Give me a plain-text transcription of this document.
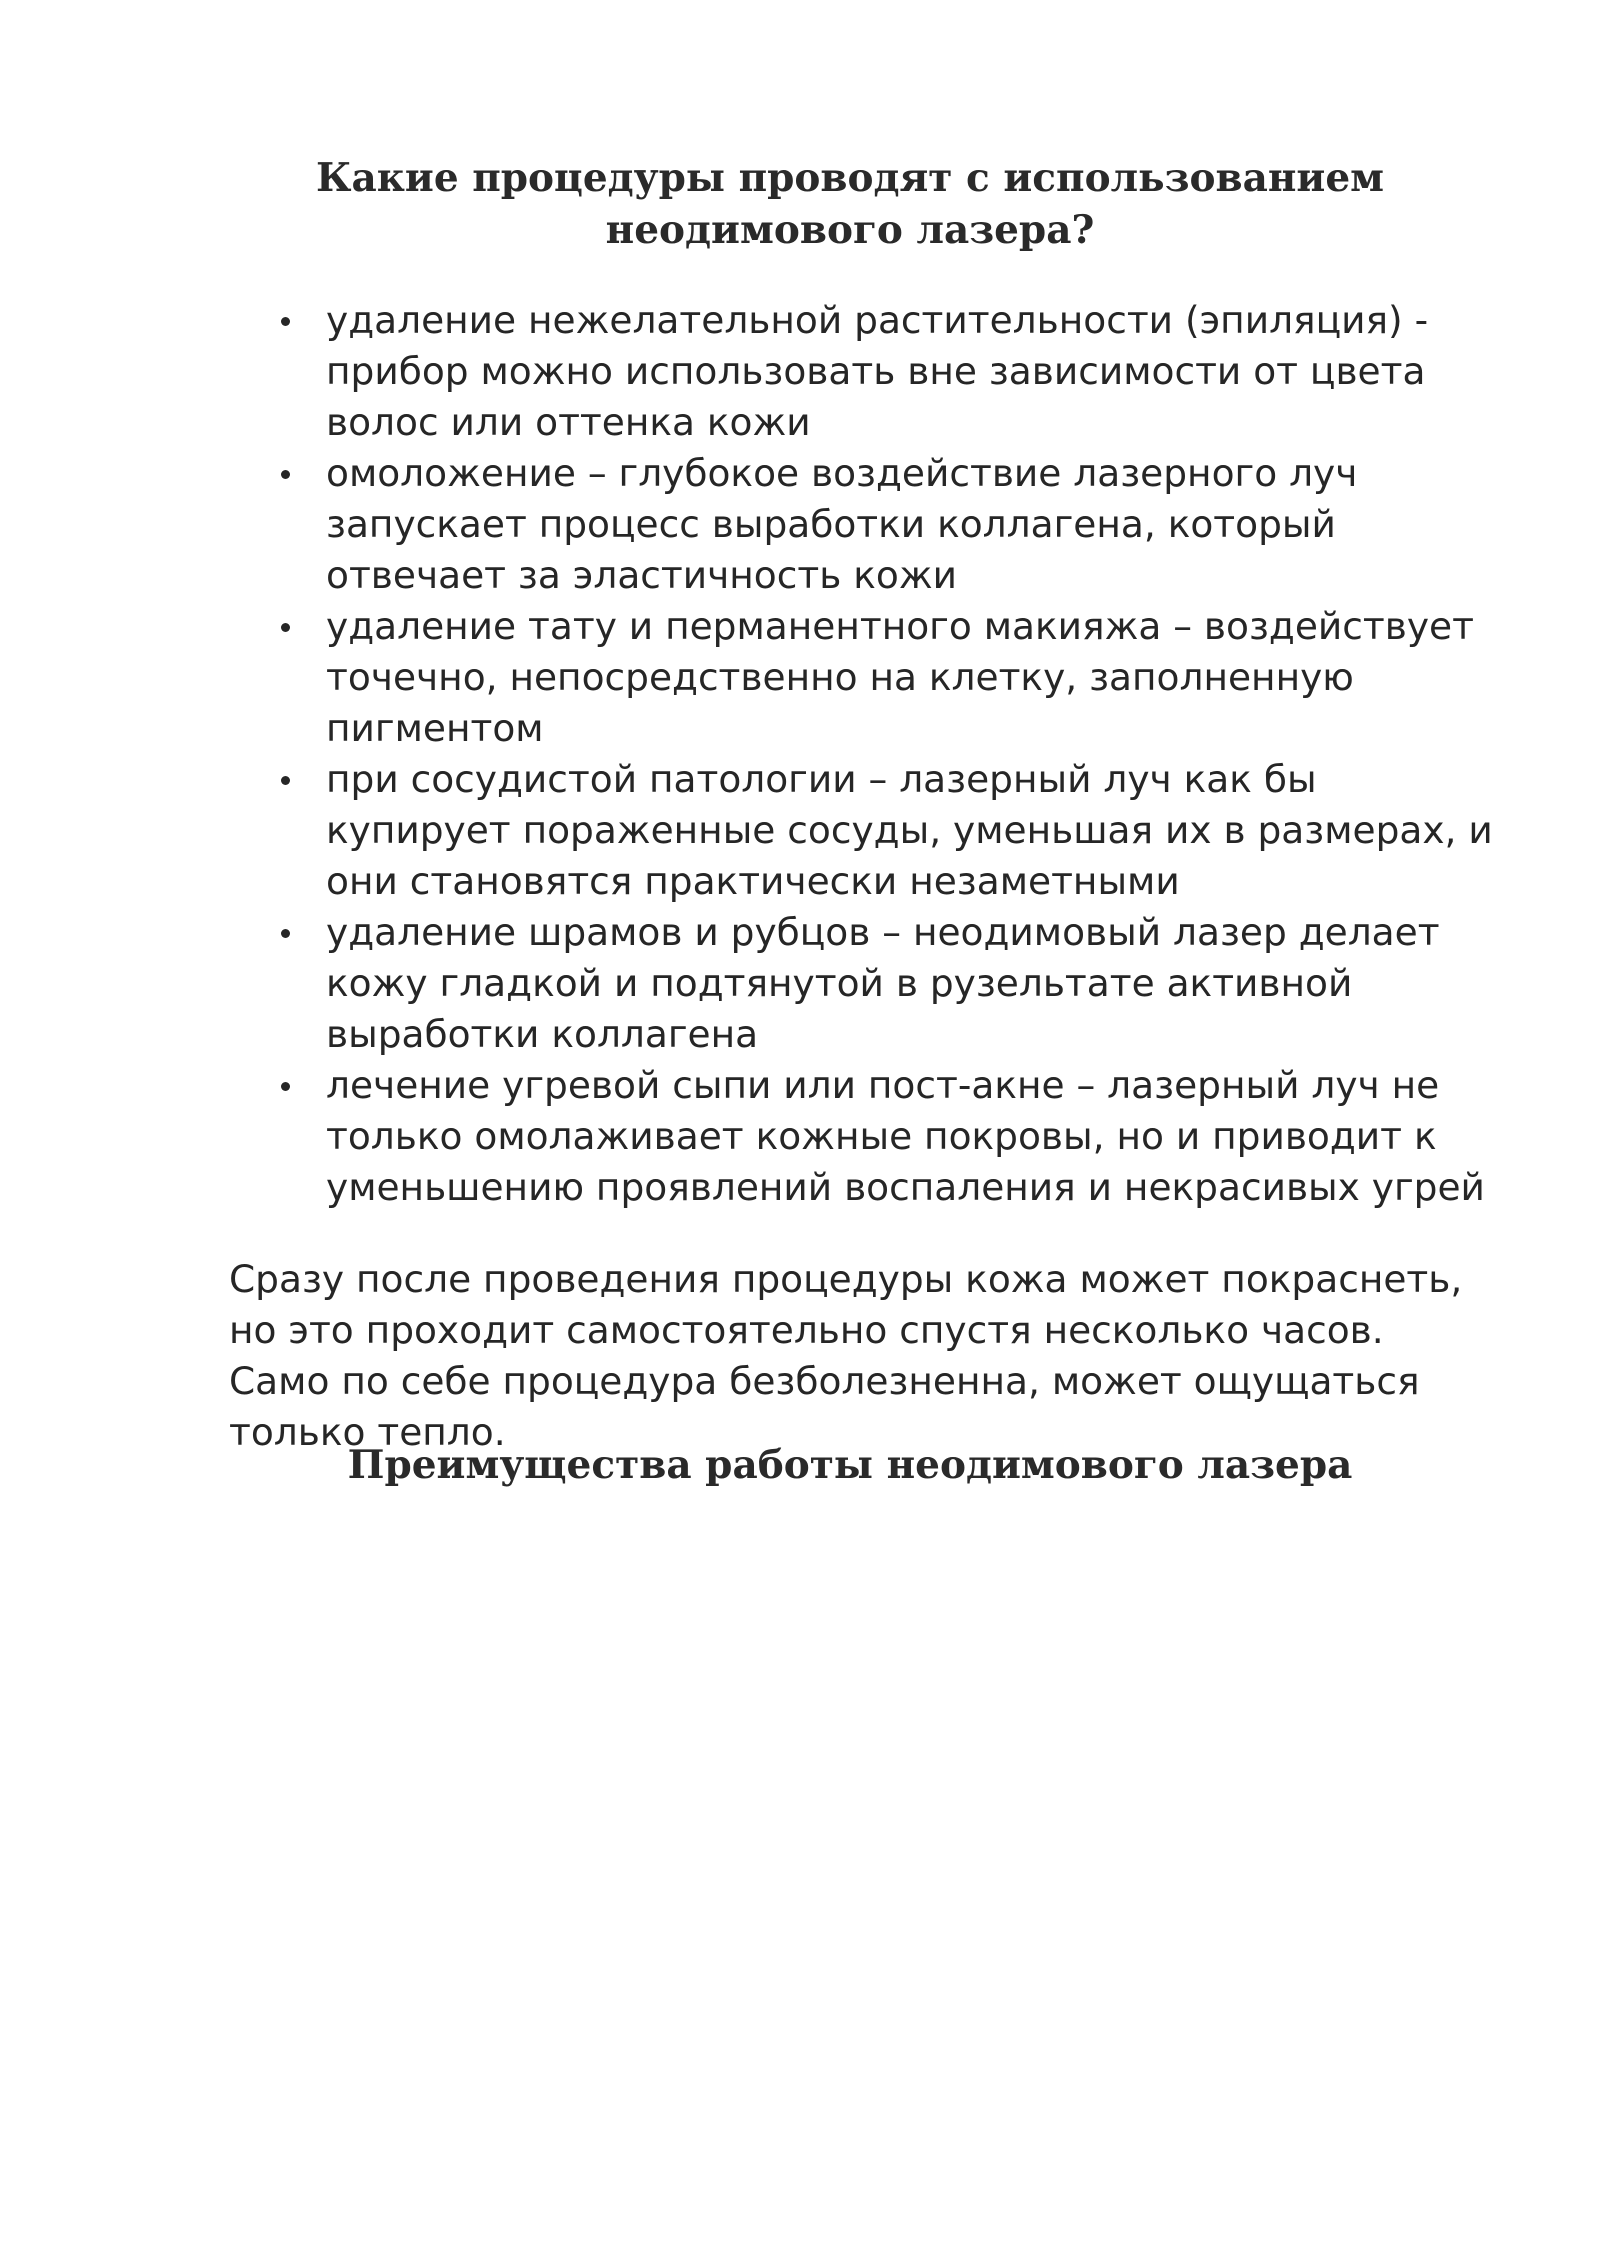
Какие процедуры проводят с использованием неодимового лазера?
удаление нежелательной растительности (эпиляция) - прибор можно использовать вне зависимости от цвета волос или оттенка кожи
омоложение – глубокое воздействие лазерного луч запускает процесс выработки коллагена, который отвечает за эластичность кожи
удаление тату и перманентного макияжа – воздействует точечно, непосредственно на клетку, заполненную пигментом
при сосудистой патологии – лазерный луч как бы купирует пораженные сосуды, уменьшая их в размерах, и они становятся практически незаметными
удаление шрамов и рубцов – неодимовый лазер делает кожу гладкой и подтянутой в рузельтате активной выработки коллагена
лечение угревой сыпи или пост-акне – лазерный луч не только омолаживает кожные покровы, но и приводит к уменьшению проявлений воспаления и некрасивых угрей

Сразу после проведения процедуры кожа может покраснеть, но это проходит самостоятельно спустя несколько часов. Само по себе процедура безболезненна, может ощущаться только тепло.

Преимущества работы неодимового лазера
